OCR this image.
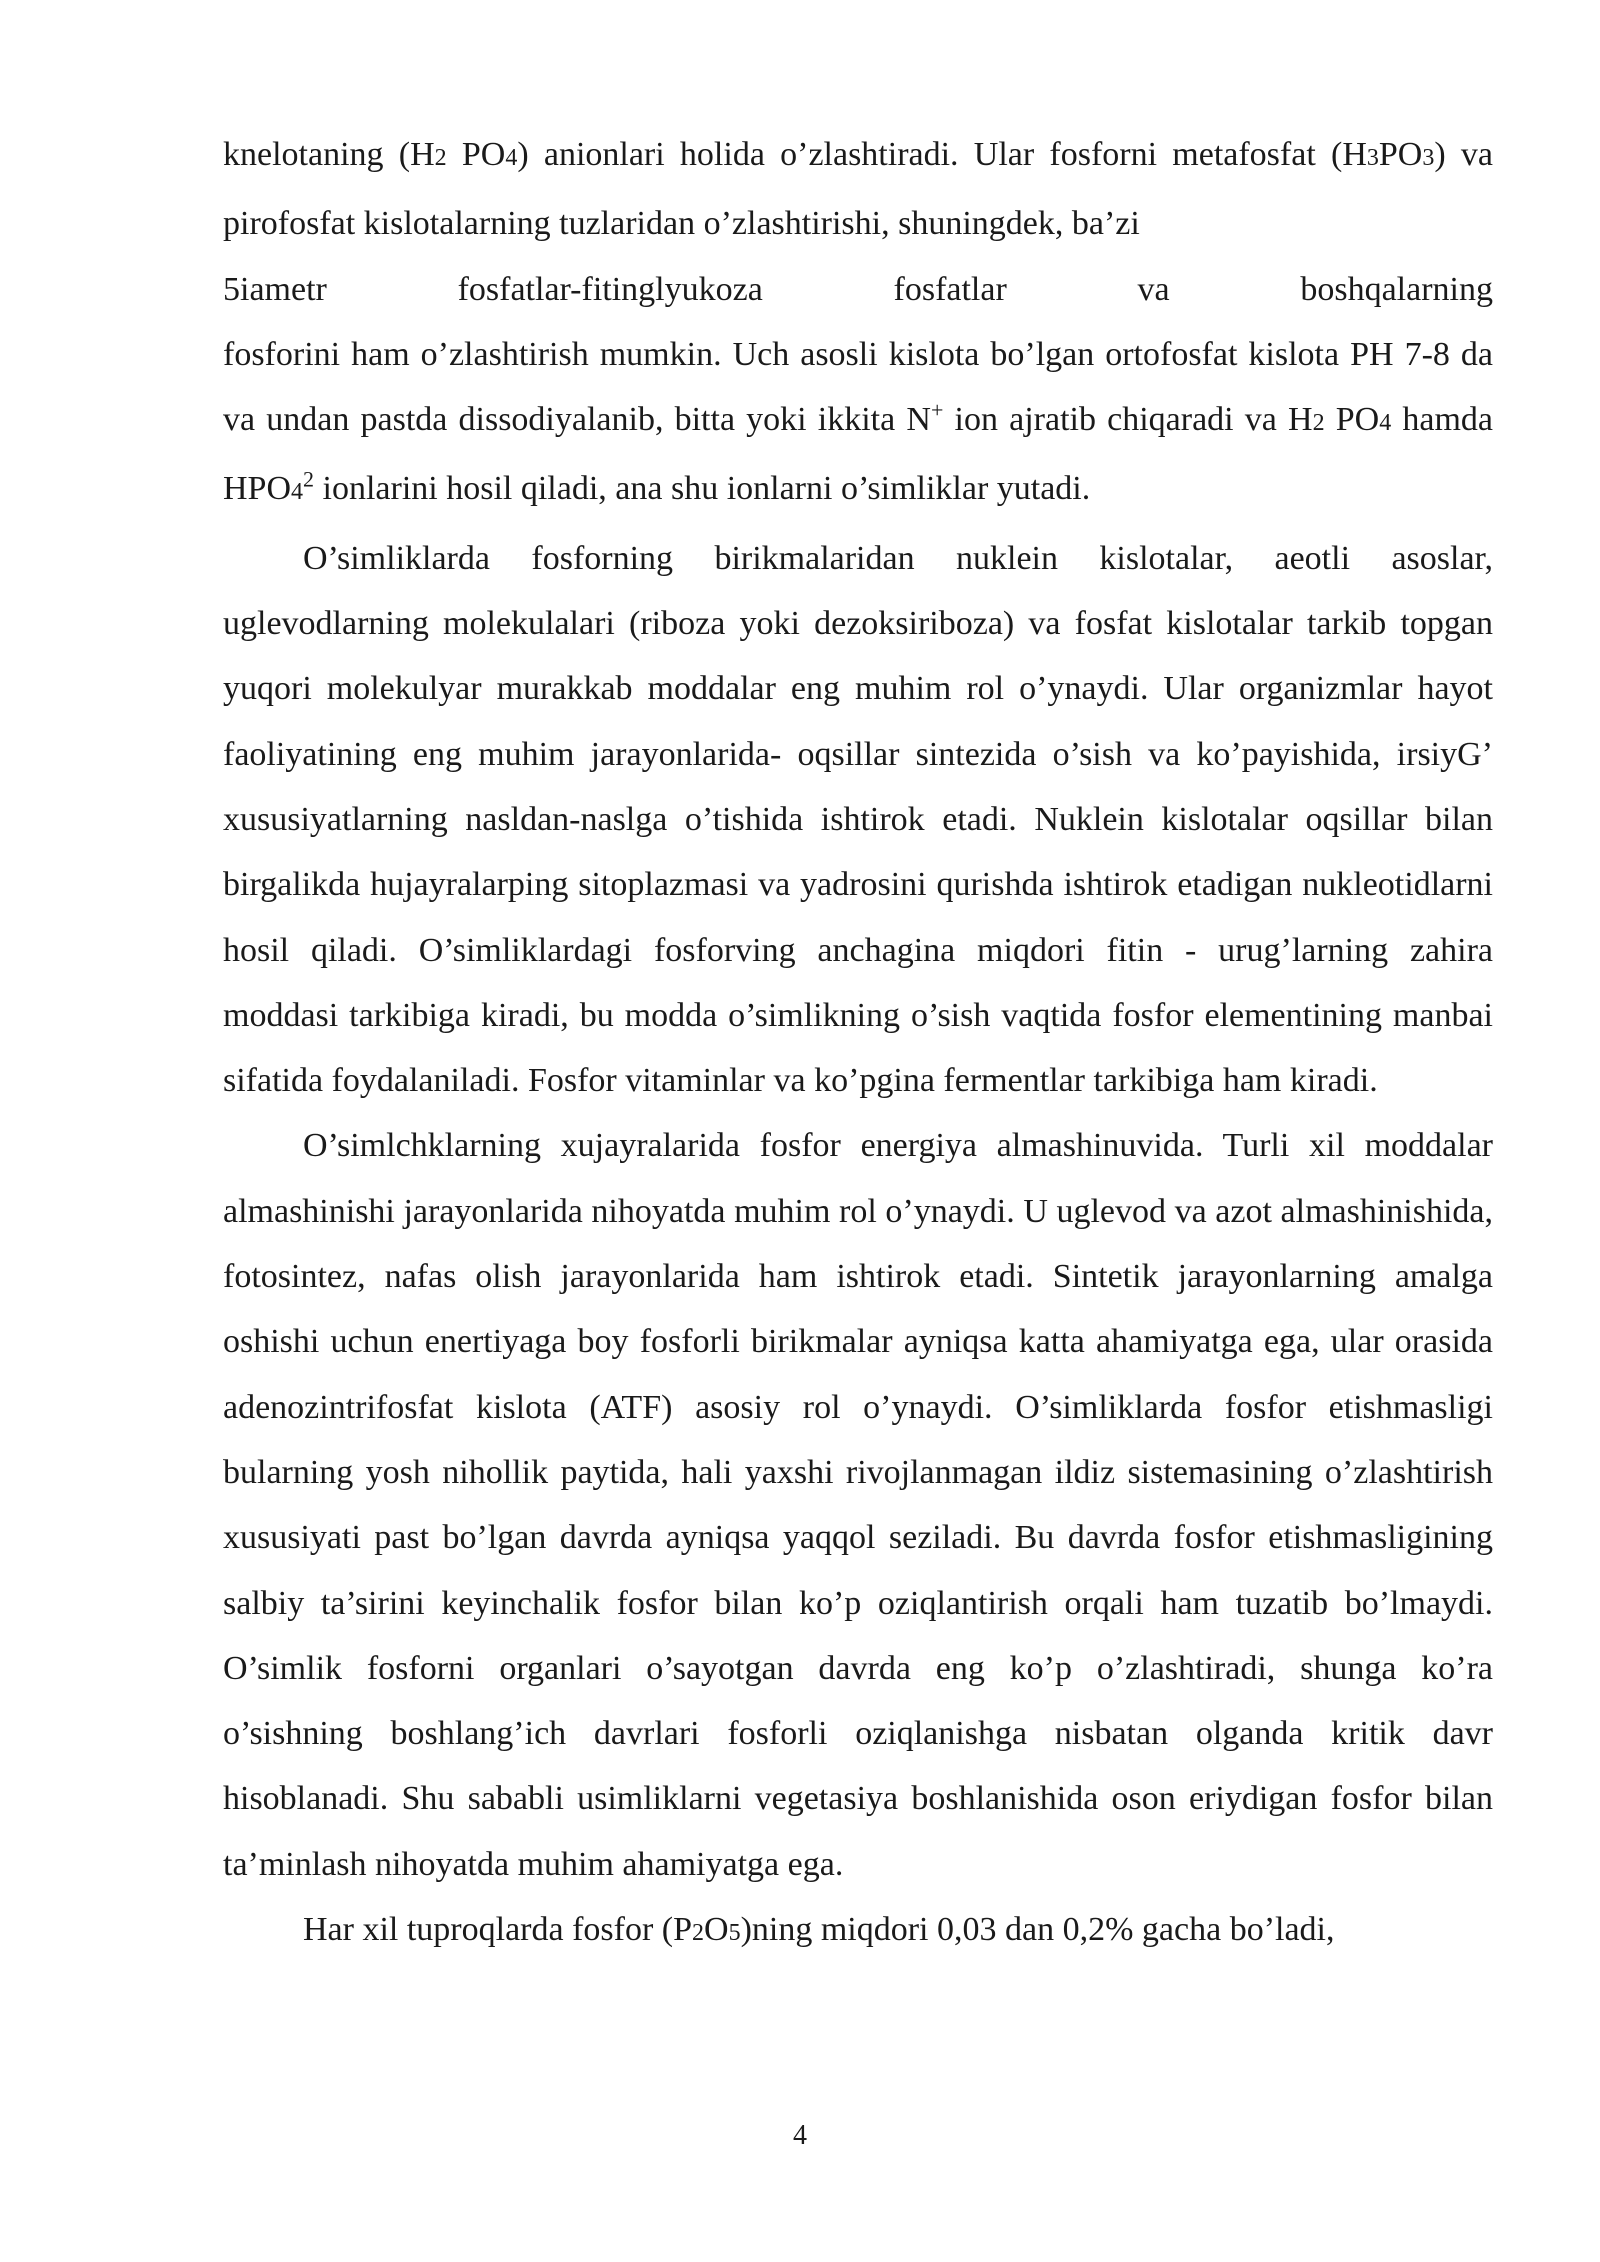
knelotaning (H2 PO4) anionlari holida o’zlashtiradi. Ular fosforni metafosfat (H3PO3) va pirofosfat kislotalarning tuzlaridan o’zlashtirishi, shuningdek, ba’zi

5iametr fosfatlar-fitinglyukoza fosfatlar va boshqalarning

fosforini ham o’zlashtirish mumkin. Uch asosli kislota bo’lgan ortofosfat kislota PH 7-8 da va undan pastda dissodiyalanib, bitta yoki ikkita N+ ion ajratib chiqaradi va H2 PO4 hamda $HPO4^2$ ionlarini hosil qiladi, ana shu ionlarni o’simliklar yutadi.

O’simliklarda fosforning birikmalaridan nuklein kislotalar, aeotli asoslar, uglevodlarning molekulalari (riboza yoki dezoksiriboza) va fosfat kislotalar tarkib topgan yuqori molekulyar murakkab moddalar eng muhim rol o’ynaydi. Ular organizmlar hayot faoliyatining eng muhim jarayonlarida- oqsillar sintezida o’sish va ko’payishida, irsiyG’ xususiyatlarning nasldan-naslga o’tishida ishtirok etadi. Nuklein kislotalar oqsillar bilan birgalikda hujayralarping sitoplazmasi va yadrosini qurishda ishtirok etadigan nukleotidlarni hosil qiladi. O’simliklardagi fosforving anchagina miqdori fitin - urug’larning zahira moddasi tarkibiga kiradi, bu modda o’simlikning o’sish vaqtida fosfor elementining manbai sifatida foydalaniladi. Fosfor vitaminlar va ko’pgina fermentlar tarkibiga ham kiradi.

O’simlchklarning xujayralarida fosfor energiya almashinuvida. Turli xil moddalar almashinishi jarayonlarida nihoyatda muhim rol o’ynaydi. U uglevod va azot almashinishida, fotosintez, nafas olish jarayonlarida ham ishtirok etadi. Sintetik jarayonlarning amalga oshishi uchun enertiyaga boy fosforli birikmalar ayniqsa katta ahamiyatga ega, ular orasida adenozintrifosfat kislota (ATF) asosiy rol o’ynaydi. O’simliklarda fosfor etishmasligi bularning yosh nihollik paytida, hali yaxshi rivojlanmagan ildiz sistemasining o’zlashtirish xususiyati past bo’lgan davrda ayniqsa yaqqol seziladi. Bu davrda fosfor etishmasligining salbiy ta’sirini keyinchalik fosfor bilan ko’p oziqlantirish orqali ham tuzatib bo’lmaydi. O’simlik fosforni organlari o’sayotgan davrda eng ko’p o’zlashtiradi, shunga ko’ra o’sishning boshlang’ich davrlari fosforli oziqlanishga nisbatan olganda kritik davr hisoblanadi. Shu sababli usimliklarni vegetasiya boshlanishida oson eriydigan fosfor bilan ta’minlash nihoyatda muhim ahamiyatga ega.

Har xil tuproqlarda fosfor (P2O5)ning miqdori 0,03 dan 0,2% gacha bo’ladi,

4
